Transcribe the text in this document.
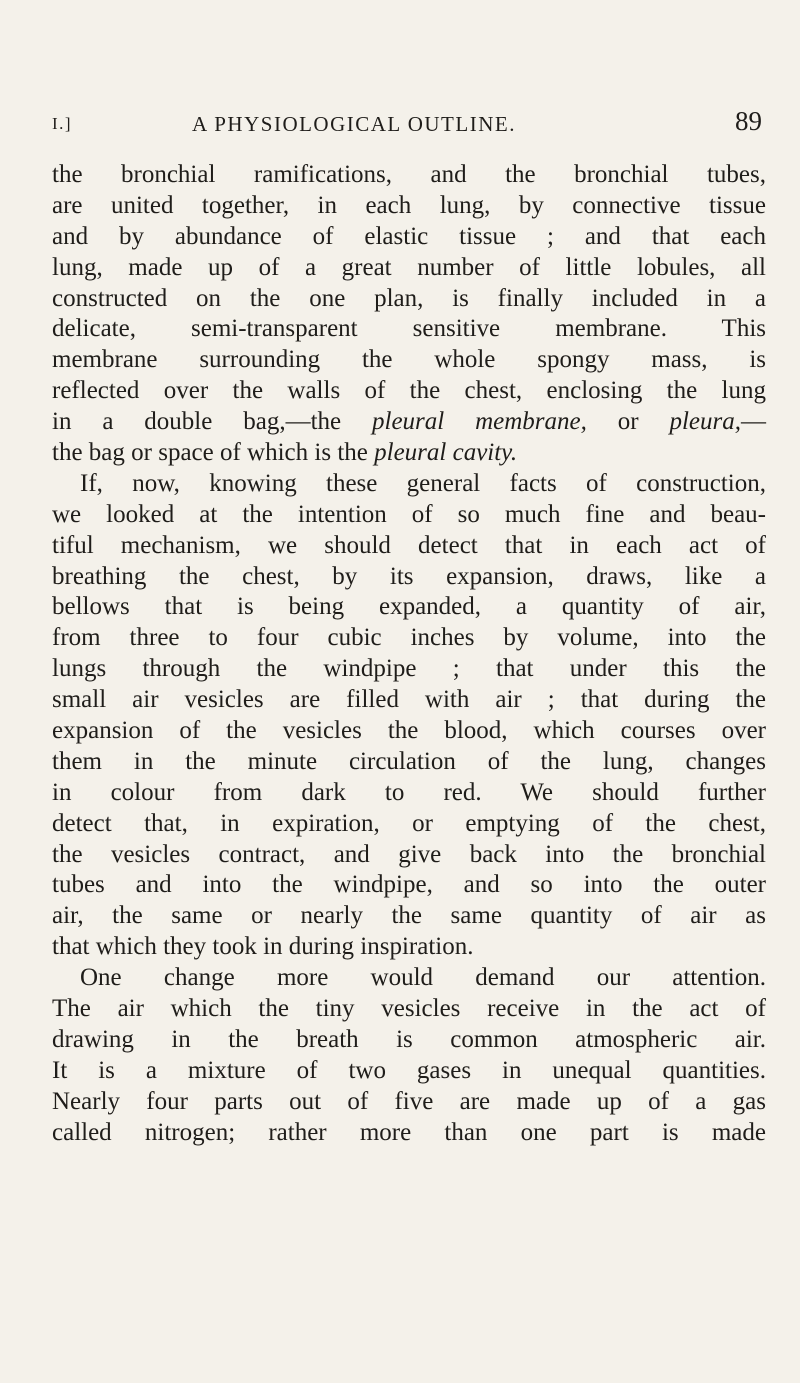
I.]	A PHYSIOLOGICAL OUTLINE.	89
the bronchial ramifications, and the bronchial tubes,
are united together, in each lung, by connective tissue
and by abundance of elastic tissue ; and that each
lung, made up of a great number of little lobules, all
constructed on the one plan, is finally included in a
delicate, semi-transparent sensitive membrane. This
membrane surrounding the whole spongy mass, is
reflected over the walls of the chest, enclosing the lung
in a double bag,—the pleural membrane, or pleura,—
the bag or space of which is the pleural cavity.
If, now, knowing these general facts of construction,
we looked at the intention of so much fine and beau-
tiful mechanism, we should detect that in each act of
breathing the chest, by its expansion, draws, like a
bellows that is being expanded, a quantity of air,
from three to four cubic inches by volume, into the
lungs through the windpipe ; that under this the
small air vesicles are filled with air ; that during the
expansion of the vesicles the blood, which courses over
them in the minute circulation of the lung, changes
in colour from dark to red. We should further
detect that, in expiration, or emptying of the chest,
the vesicles contract, and give back into the bronchial
tubes and into the windpipe, and so into the outer
air, the same or nearly the same quantity of air as
that which they took in during inspiration.
One change more would demand our attention.
The air which the tiny vesicles receive in the act of
drawing in the breath is common atmospheric air.
It is a mixture of two gases in unequal quantities.
Nearly four parts out of five are made up of a gas
called nitrogen; rather more than one part is made
